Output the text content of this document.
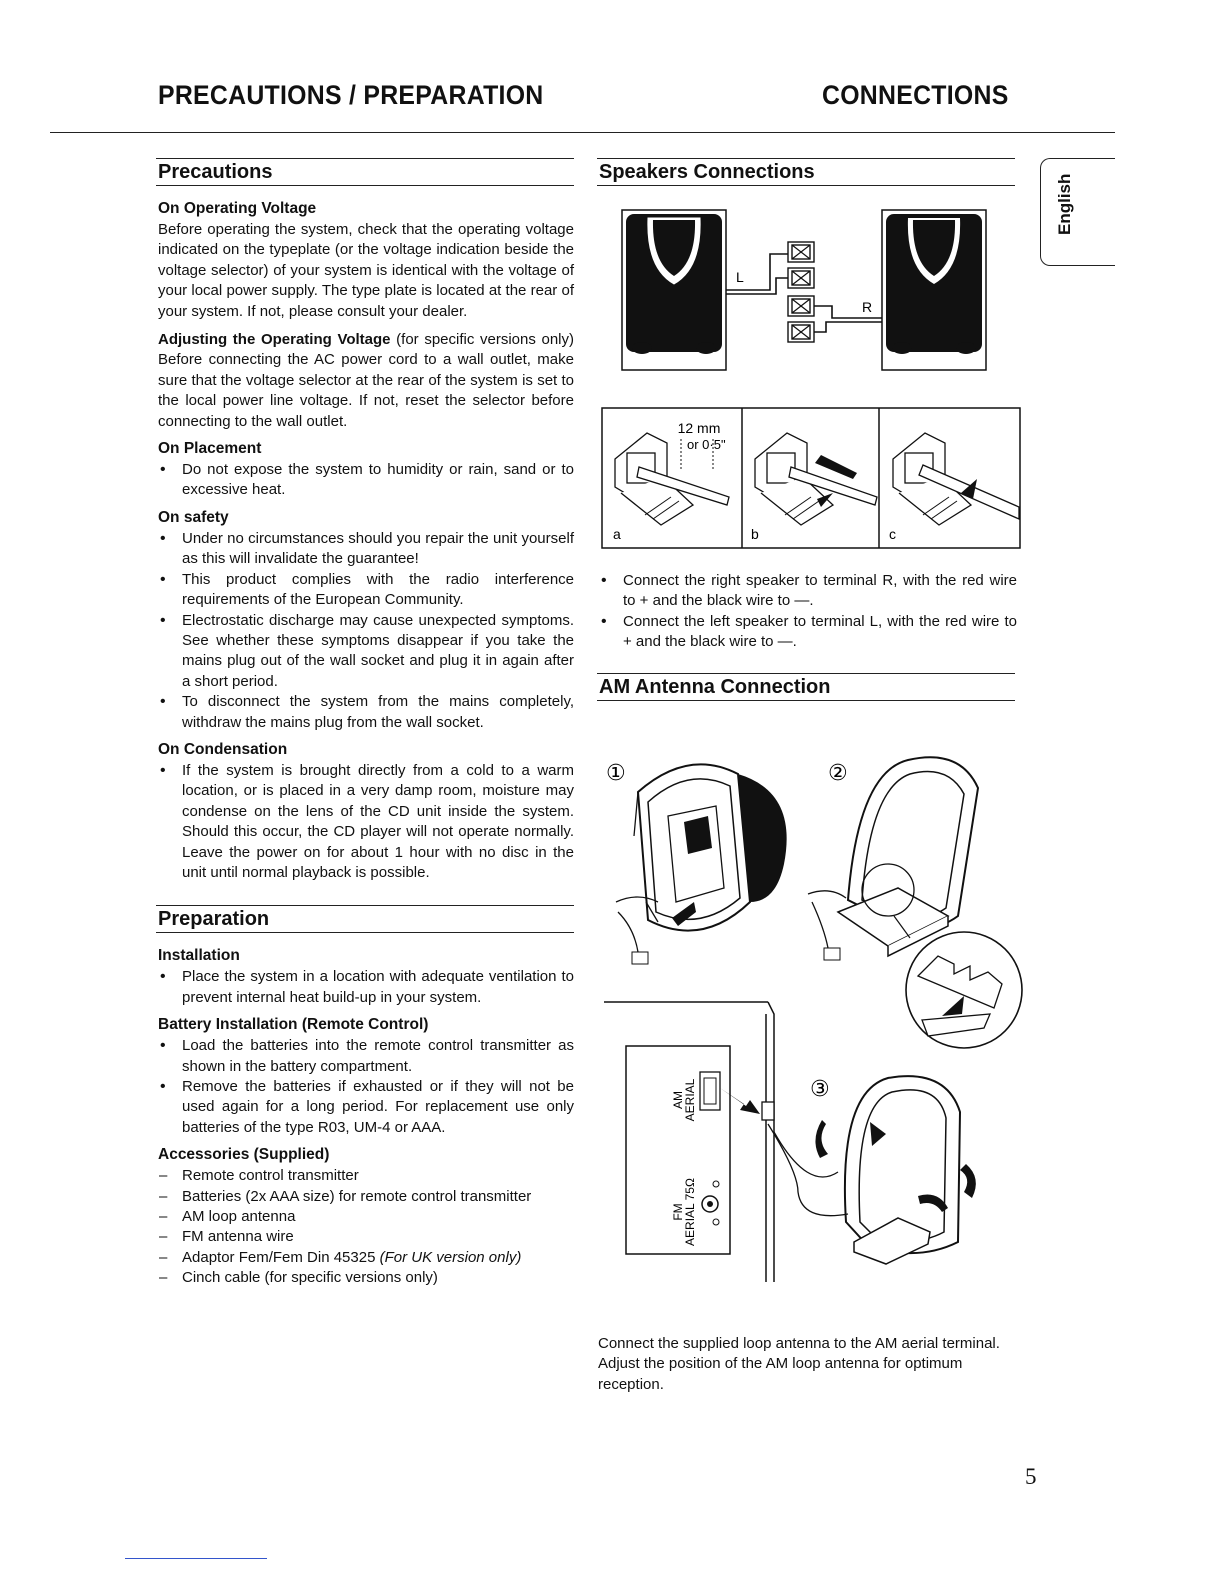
PRECAUTIONS / PREPARATION	CONNECTIONS
English
Precautions
On Operating Voltage
Before operating the system, check that the operating voltage indicated on the typeplate (or the voltage indication beside the voltage selector) of your system is identical with the voltage of your local power supply. The type plate is located at the rear of your system. If not, please consult your dealer.
Adjusting the Operating Voltage (for specific versions only) Before connecting the AC power cord to a wall outlet, make sure that the voltage selector at the rear of the system is set to the local power line voltage. If not, reset the selector before connecting to the wall outlet.
On Placement
• Do not expose the system to humidity or rain, sand or to excessive heat.
On safety
• Under no circumstances should you repair the unit yourself as this will invalidate the guarantee!
• This product complies with the radio interference requirements of the European Community.
• Electrostatic discharge may cause unexpected symptoms. See whether these symptoms disappear if you take the mains plug out of the wall socket and plug it in again after a short period.
• To disconnect the system from the mains completely, withdraw the mains plug from the wall socket.
On Condensation
• If the system is brought directly from a cold to a warm location, or is placed in a very damp room, moisture may condense on the lens of the CD unit inside the system. Should this occur, the CD player will not operate normally. Leave the power on for about 1 hour with no disc in the unit until normal playback is possible.
Preparation
Installation
• Place the system in a location with adequate ventilation to prevent internal heat build-up in your system.
Battery Installation (Remote Control)
• Load the batteries into the remote control transmitter as shown in the battery compartment.
• Remove the batteries if exhausted or if they will not be used again for a long period. For replacement use only batteries of the type R03, UM-4 or AAA.
Accessories (Supplied)
– Remote control transmitter
– Batteries (2x AAA size) for remote control transmitter
– AM loop antenna
– FM antenna wire
– Adaptor Fem/Fem Din 45325 (For UK version only)
– Cinch cable (for specific versions only)
Speakers Connections
L
R
12 mm
or 0·5"
a	b	c
• Connect the right speaker to terminal R, with the red wire to + and the black wire to —.
• Connect the left speaker to terminal L, with the red wire to + and the black wire to —.
AM Antenna Connection
①	②
AM
AERIAL
FM
AERIAL 75Ω
③
Connect the supplied loop antenna to the AM aerial terminal. Adjust the position of the AM loop antenna for optimum reception.
5
